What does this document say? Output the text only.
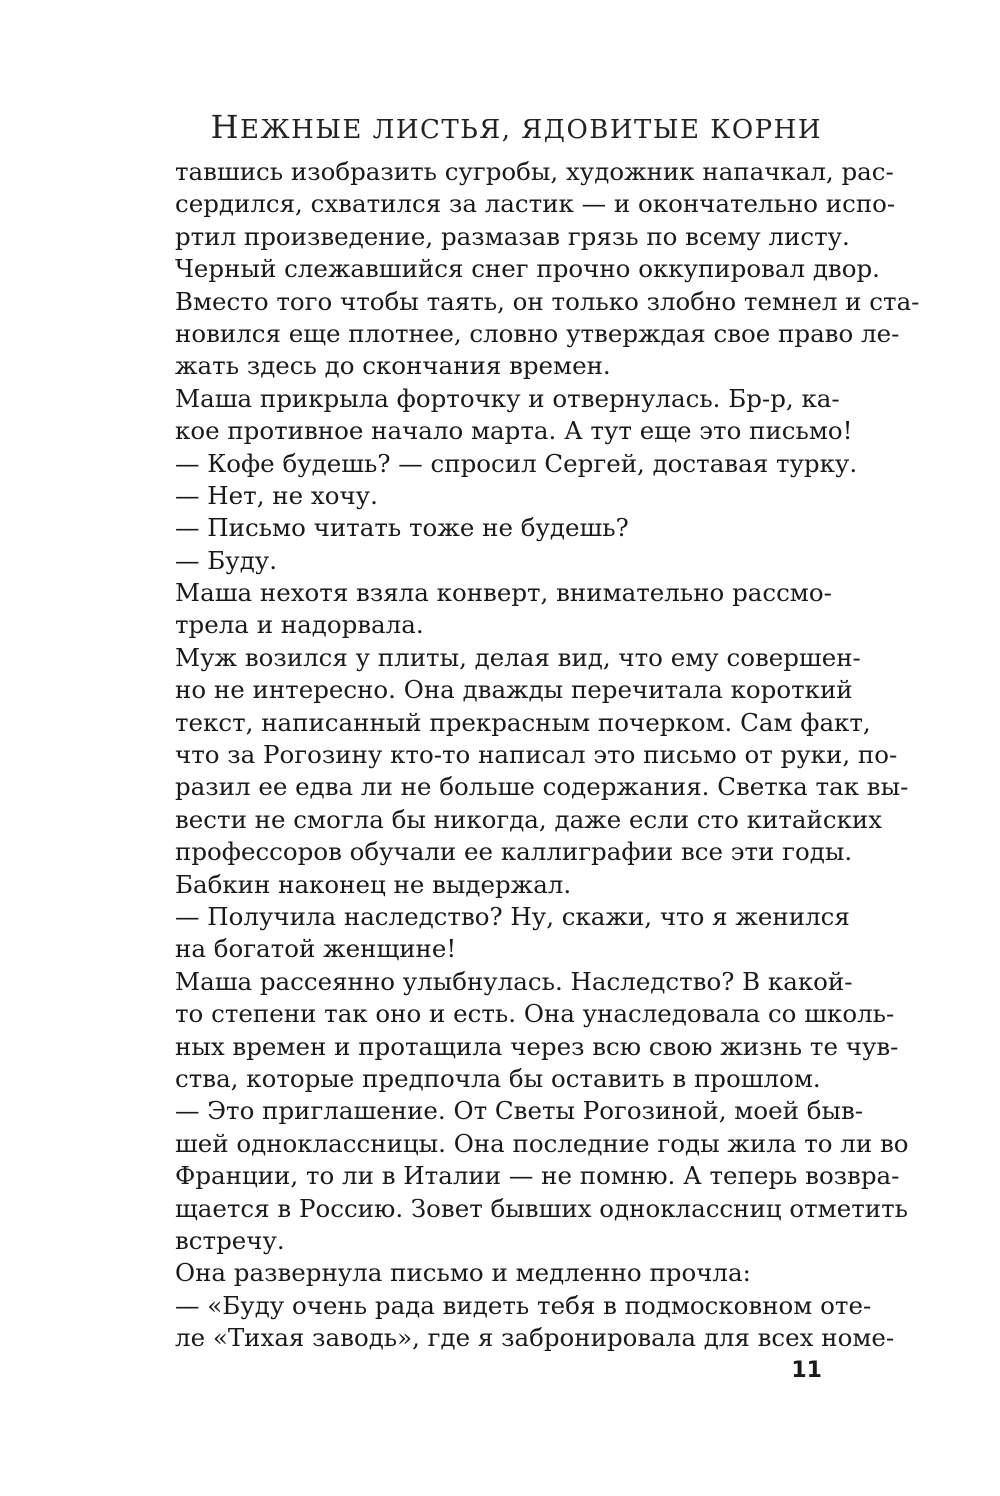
НЕЖНЫЕ ЛИСТЬЯ, ЯДОВИТЫЕ КОРНИ
тавшись изобразить сугробы, художник напачкал, рас-
сердился, схватился за ластик — и окончательно испо-
ртил произведение, размазав грязь по всему листу.
Черный слежавшийся снег прочно оккупировал двор.
Вместо того чтобы таять, он только злобно темнел и ста-
новился еще плотнее, словно утверждая свое право ле-
жать здесь до скончания времен.
Маша прикрыла форточку и отвернулась. Бр-р, ка-
кое противное начало марта. А тут еще это письмо!
— Кофе будешь? — спросил Сергей, доставая турку.
— Нет, не хочу.
— Письмо читать тоже не будешь?
— Буду.
Маша нехотя взяла конверт, внимательно рассмо-
трела и надорвала.
Муж возился у плиты, делая вид, что ему совершен-
но не интересно. Она дважды перечитала короткий
текст, написанный прекрасным почерком. Сам факт,
что за Рогозину кто-то написал это письмо от руки, по-
разил ее едва ли не больше содержания. Светка так вы-
вести не смогла бы никогда, даже если сто китайских
профессоров обучали ее каллиграфии все эти годы.
Бабкин наконец не выдержал.
— Получила наследство? Ну, скажи, что я женился
на богатой женщине!
Маша рассеянно улыбнулась. Наследство? В какой-
то степени так оно и есть. Она унаследовала со школь-
ных времен и протащила через всю свою жизнь те чув-
ства, которые предпочла бы оставить в прошлом.
— Это приглашение. От Светы Рогозиной, моей быв-
шей одноклассницы. Она последние годы жила то ли во
Франции, то ли в Италии — не помню. А теперь возвра-
щается в Россию. Зовет бывших одноклассниц отметить
встречу.
Она развернула письмо и медленно прочла:
— «Буду очень рада видеть тебя в подмосковном оте-
ле «Тихая заводь», где я забронировала для всех номе-

11
